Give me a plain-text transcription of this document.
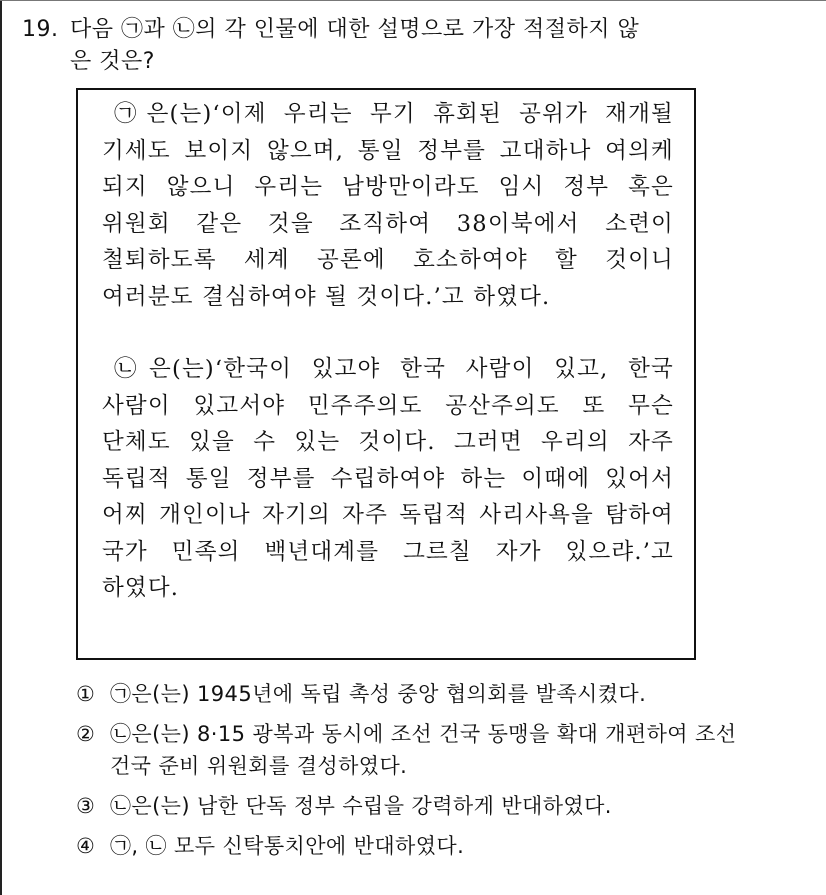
19. 다음 ㉠과 ㉡의 각 인물에 대한 설명으로 가장 적절하지 않
은 것은?

㉠은(는)‘이제 우리는 무기 휴회된 공위가 재개될 기세도 보이지 않으며, 통일 정부를 고대하나 여의케 되지 않으니 우리는 남방만이라도 임시 정부 혹은 위원회 같은 것을 조직하여 38이북에서 소련이 철퇴하도록 세계 공론에 호소하여야 할 것이니 여러분도 결심하여야 될 것이다.’고 하였다.

㉡은(는)‘한국이 있고야 한국 사람이 있고, 한국 사람이 있고서야 민주주의도 공산주의도 또 무슨 단체도 있을 수 있는 것이다. 그러면 우리의 자주 독립적 통일 정부를 수립하여야 하는 이때에 있어서 어찌 개인이나 자기의 자주 독립적 사리사욕을 탐하여 국가 민족의 백년대계를 그르칠 자가 있으랴.’고 하였다.

① ㉠은(는) 1945년에 독립 촉성 중앙 협의회를 발족시켰다.
② ㉡은(는) 8·15 광복과 동시에 조선 건국 동맹을 확대 개편하여 조선 건국 준비 위원회를 결성하였다.
③ ㉡은(는) 남한 단독 정부 수립을 강력하게 반대하였다.
④ ㉠, ㉡ 모두 신탁통치안에 반대하였다.
